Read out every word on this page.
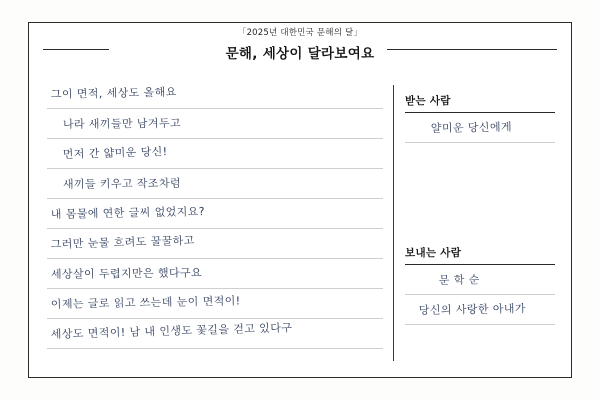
「2025년 대한민국 문해의 달」
문해, 세상이 달라보여요
그이 면적, 세상도 올해요
나라 새끼들만 남겨두고
먼저 간 얇미운 당신!
새끼들 키우고 작조차럼
내 몸물에 연한 글씨 없었지요?
그러만 눈물 흐려도 꿀꿀하고
세상살이 두렵지만은 했다구요
이제는 글로 읽고 쓰는데 눈이 면적이!
세상도 면적이! 남 내 인생도 꽃길을 걷고 있다구
받는 사람
얄미운 당신에게
보내는 사람
문 학 순
당신의 사랑한 아내가
